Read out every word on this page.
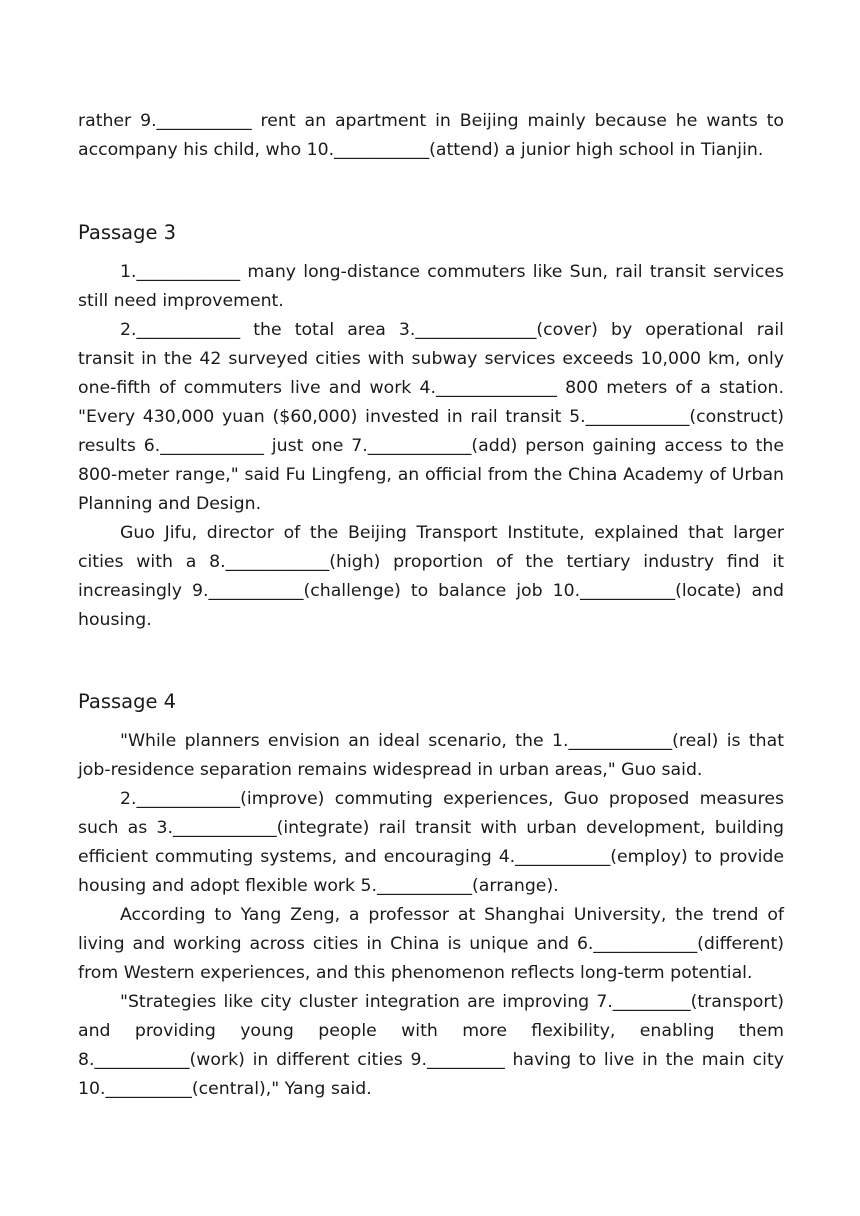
rather 9.___________ rent an apartment in Beijing mainly because he wants to accompany his child, who 10.___________(attend) a junior high school in Tianjin.

Passage 3

1.____________ many long-distance commuters like Sun, rail transit services still need improvement.

2.____________ the total area 3.______________(cover) by operational rail transit in the 42 surveyed cities with subway services exceeds 10,000 km, only one-fifth of commuters live and work 4.______________ 800 meters of a station. "Every 430,000 yuan ($60,000) invested in rail transit 5.____________(construct) results 6.____________ just one 7.____________(add) person gaining access to the 800-meter range," said Fu Lingfeng, an official from the China Academy of Urban Planning and Design.

Guo Jifu, director of the Beijing Transport Institute, explained that larger cities with a 8.____________(high) proportion of the tertiary industry find it increasingly 9.___________(challenge) to balance job 10.___________(locate) and housing.

Passage 4

"While planners envision an ideal scenario, the 1.____________(real) is that job-residence separation remains widespread in urban areas," Guo said.

2.____________(improve) commuting experiences, Guo proposed measures such as 3.____________(integrate) rail transit with urban development, building efficient commuting systems, and encouraging 4.___________(employ) to provide housing and adopt flexible work 5.___________(arrange).

According to Yang Zeng, a professor at Shanghai University, the trend of living and working across cities in China is unique and 6.____________(different) from Western experiences, and this phenomenon reflects long-term potential.

"Strategies like city cluster integration are improving 7._________(transport) and providing young people with more flexibility, enabling them 8.___________(work) in different cities 9._________ having to live in the main city 10.__________(central)," Yang said.
